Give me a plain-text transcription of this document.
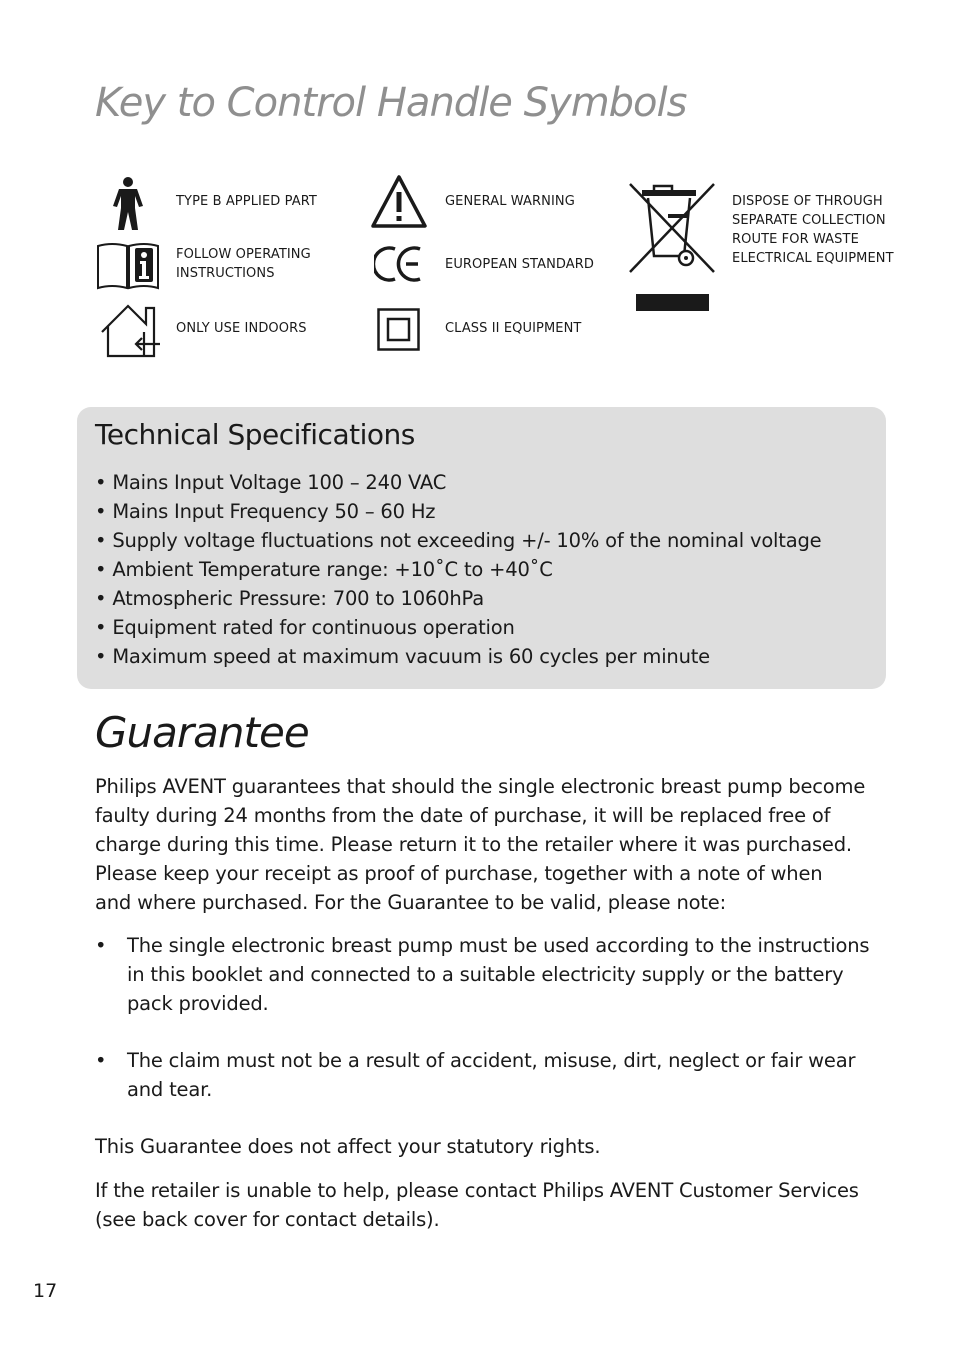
Key to Control Handle Symbols
TYPE B APPLIED PART
FOLLOW OPERATING
INSTRUCTIONS
ONLY USE INDOORS
GENERAL WARNING
EUROPEAN STANDARD
CLASS II EQUIPMENT
DISPOSE OF THROUGH
SEPARATE COLLECTION
ROUTE FOR WASTE
ELECTRICAL EQUIPMENT
Technical Specifications
• Mains Input Voltage 100 – 240 VAC
• Mains Input Frequency 50 – 60 Hz
• Supply voltage fluctuations not exceeding +/- 10% of the nominal voltage
• Ambient Temperature range: +10˚C to +40˚C
• Atmospheric Pressure: 700 to 1060hPa
• Equipment rated for continuous operation
• Maximum speed at maximum vacuum is 60 cycles per minute
Guarantee

Philips AVENT guarantees that should the single electronic breast pump become
faulty during 24 months from the date of purchase, it will be replaced free of
charge during this time. Please return it to the retailer where it was purchased.
Please keep your receipt as proof of purchase, together with a note of when
and where purchased. For the Guarantee to be valid, please note:

• The single electronic breast pump must be used according to the instructions
in this booklet and connected to a suitable electricity supply or the battery
pack provided.
• The claim must not be a result of accident, misuse, dirt, neglect or fair wear
and tear.

This Guarantee does not affect your statutory rights.

If the retailer is unable to help, please contact Philips AVENT Customer Services
(see back cover for contact details).

17
